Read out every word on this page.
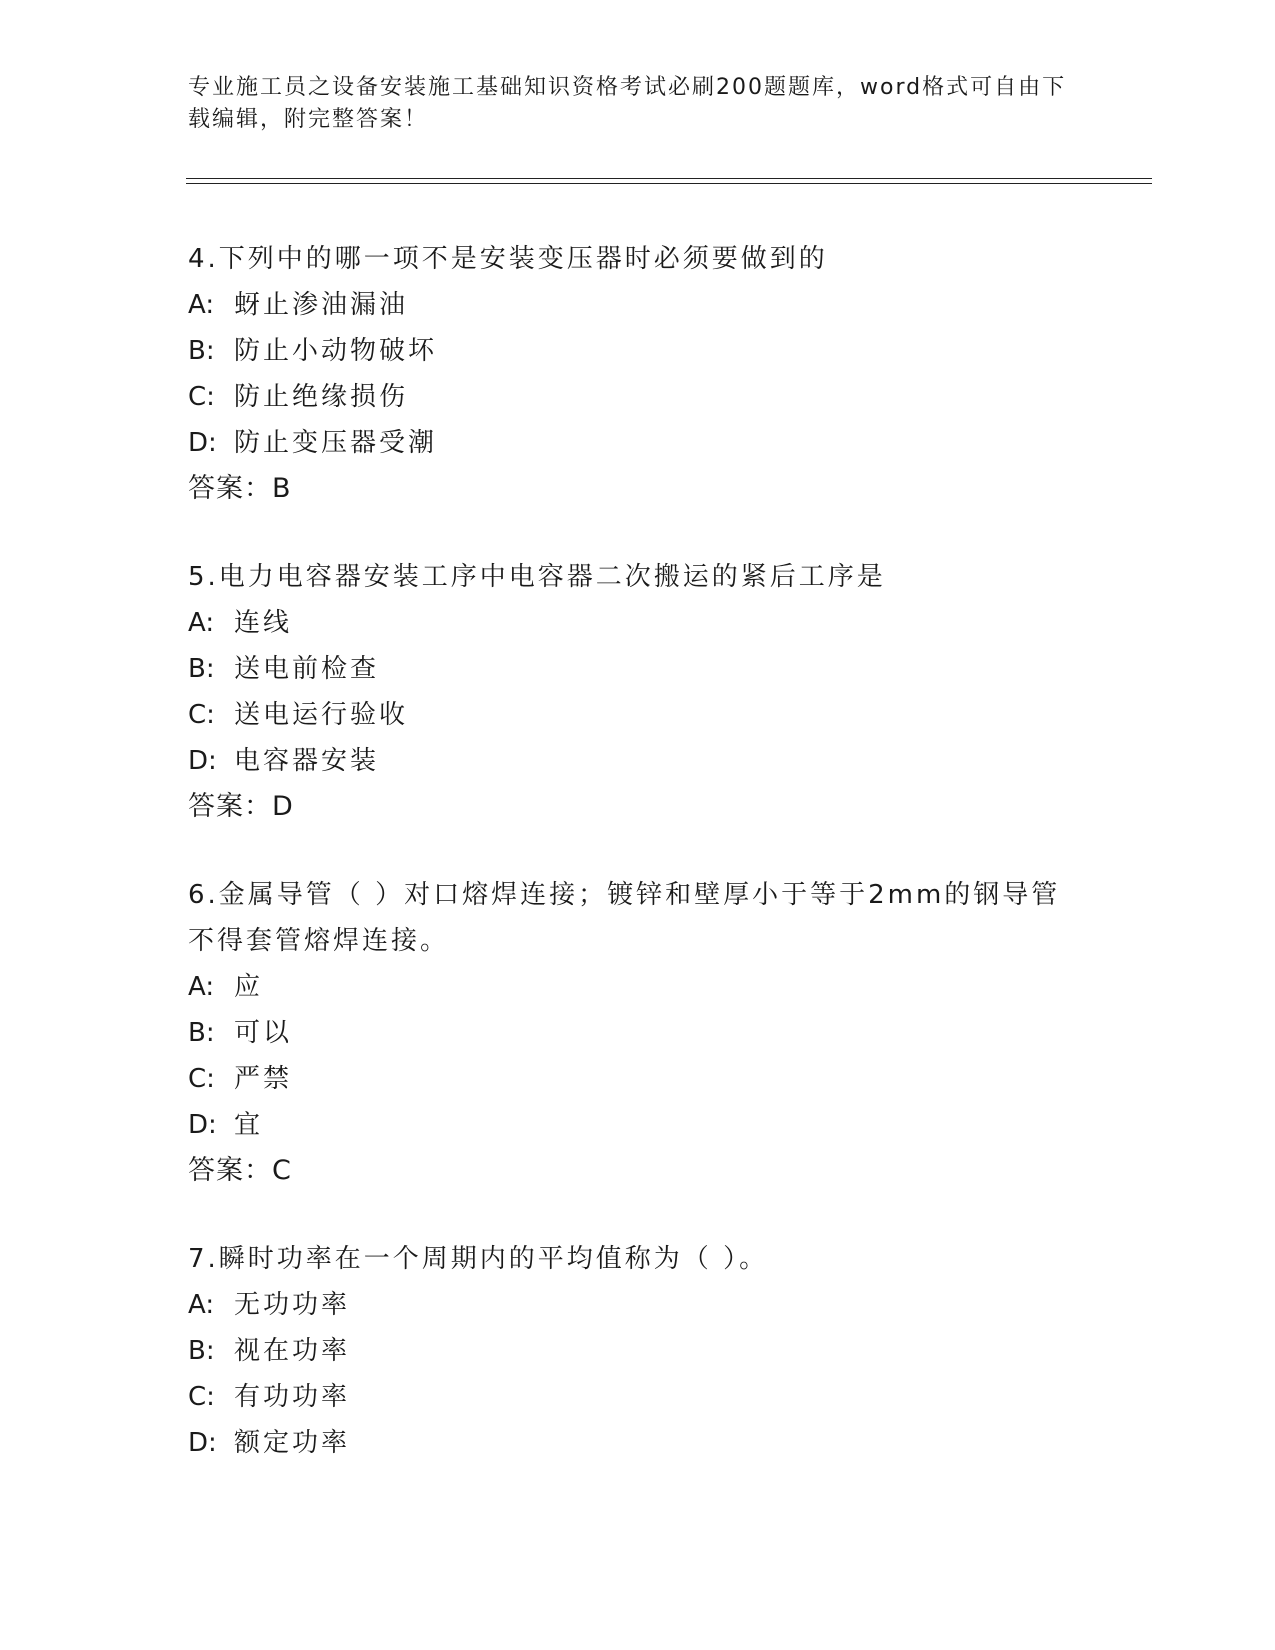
专业施工员之设备安装施工基础知识资格考试必刷200题题库，word格式可自由下载编辑，附完整答案！

4.下列中的哪一项不是安装变压器时必须要做到的

A: 蚜止渗油漏油

B: 防止小动物破坏

C: 防止绝缘损伤

D: 防止变压器受潮

答案：B

5.电力电容器安装工序中电容器二次搬运的紧后工序是

A: 连线

B: 送电前检查

C: 送电运行验收

D: 电容器安装

答案：D

6.金属导管（ ）对口熔焊连接；镀锌和壁厚小于等于2mm的钢导管不得套管熔焊连接。

A: 应

B: 可以

C: 严禁

D: 宜

答案：C

7.瞬时功率在一个周期内的平均值称为（ ）。

A: 无功功率

B: 视在功率

C: 有功功率

D: 额定功率
